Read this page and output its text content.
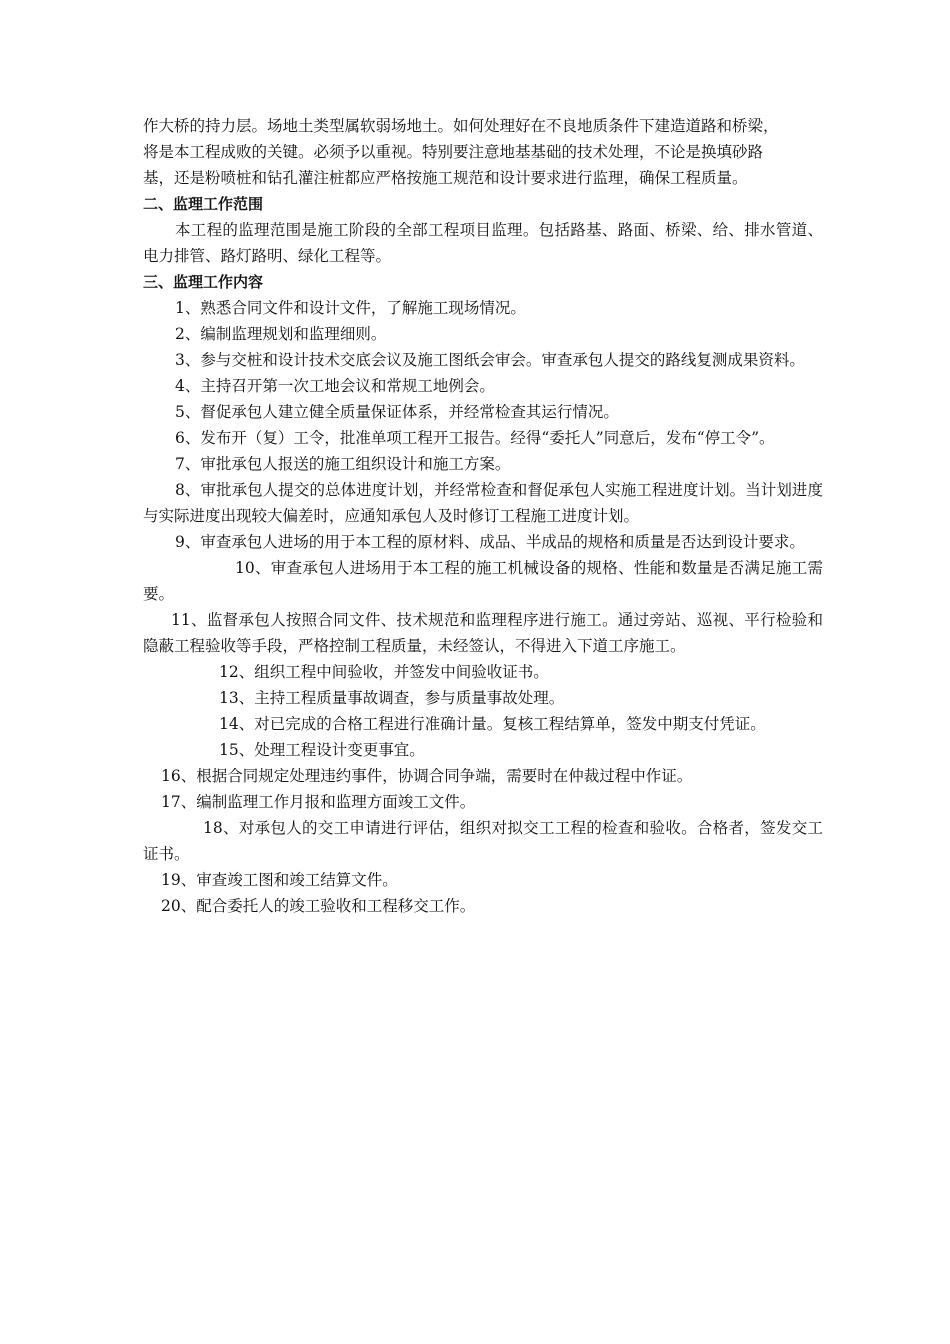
作大桥的持力层。场地土类型属软弱场地土。如何处理好在不良地质条件下建造道路和桥梁，

将是本工程成败的关键。必须予以重视。特别要注意地基基础的技术处理，不论是换填砂路

基，还是粉喷桩和钻孔灌注桩都应严格按施工规范和设计要求进行监理，确保工程质量。

二、监理工作范围

本工程的监理范围是施工阶段的全部工程项目监理。包括路基、路面、桥梁、给、排水管道、电力排管、路灯路明、绿化工程等。

三、监理工作内容

1、熟悉合同文件和设计文件，了解施工现场情况。

2、编制监理规划和监理细则。

3、参与交桩和设计技术交底会议及施工图纸会审会。审查承包人提交的路线复测成果资料。

4、主持召开第一次工地会议和常规工地例会。

5、督促承包人建立健全质量保证体系，并经常检查其运行情况。

6、发布开（复）工令，批准单项工程开工报告。经得“委托人”同意后，发布“停工令”。

7、审批承包人报送的施工组织设计和施工方案。

8、审批承包人提交的总体进度计划，并经常检查和督促承包人实施工程进度计划。当计划进度与实际进度出现较大偏差时，应通知承包人及时修订工程施工进度计划。

9、审查承包人进场的用于本工程的原材料、成品、半成品的规格和质量是否达到设计要求。

10、审查承包人进场用于本工程的施工机械设备的规格、性能和数量是否满足施工需要。

11、监督承包人按照合同文件、技术规范和监理程序进行施工。通过旁站、巡视、平行检验和隐蔽工程验收等手段，严格控制工程质量，未经签认，不得进入下道工序施工。

12、组织工程中间验收，并签发中间验收证书。

13、主持工程质量事故调查，参与质量事故处理。

14、对已完成的合格工程进行准确计量。复核工程结算单，签发中期支付凭证。

15、处理工程设计变更事宜。

16、根据合同规定处理违约事件，协调合同争端，需要时在仲裁过程中作证。

17、编制监理工作月报和监理方面竣工文件。

18、对承包人的交工申请进行评估，组织对拟交工工程的检查和验收。合格者，签发交工证书。

19、审查竣工图和竣工结算文件。

20、配合委托人的竣工验收和工程移交工作。
